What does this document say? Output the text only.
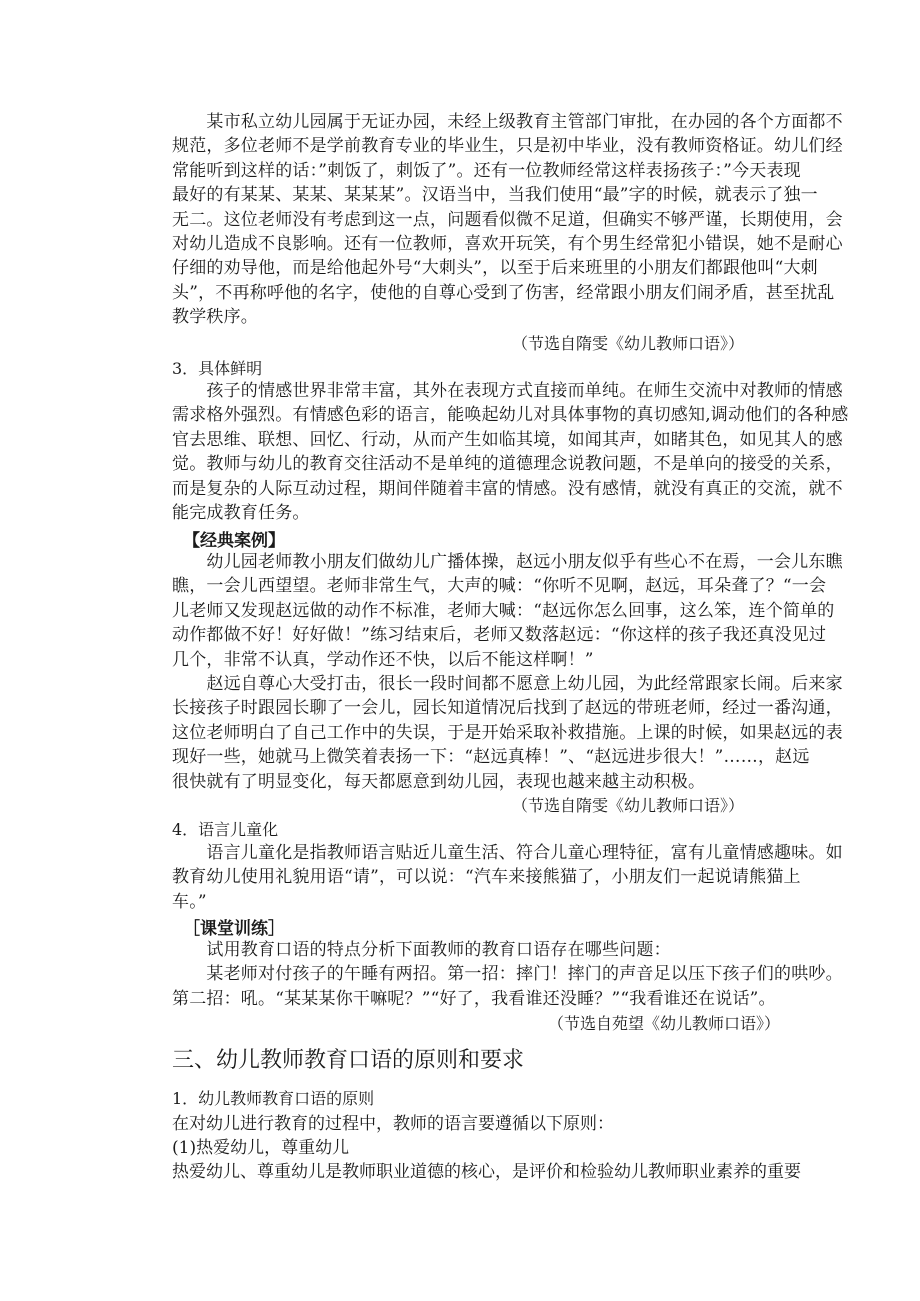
　　某市私立幼儿园属于无证办园，未经上级教育主管部门审批，在办园的各个方面都不
规范，多位老师不是学前教育专业的毕业生，只是初中毕业，没有教师资格证。幼儿们经
常能听到这样的话：”刺饭了，刺饭了”。还有一位教师经常这样表扬孩子：”今天表现
最好的有某某、某某、某某某”。汉语当中，当我们使用“最”字的时候，就表示了独一
无二。这位老师没有考虑到这一点，问题看似微不足道，但确实不够严谨，长期使用，会
对幼儿造成不良影响。还有一位教师，喜欢开玩笑，有个男生经常犯小错误，她不是耐心
仔细的劝导他，而是给他起外号“大刺头”，以至于后来班里的小朋友们都跟他叫“大刺
头”，不再称呼他的名字，使他的自尊心受到了伤害，经常跟小朋友们闹矛盾，甚至扰乱
教学秩序。
（节选自隋雯《幼儿教师口语》）
3．具体鲜明
　　孩子的情感世界非常丰富，其外在表现方式直接而单纯。在师生交流中对教师的情感
需求格外强烈。有情感色彩的语言，能唤起幼儿对具体事物的真切感知,调动他们的各种感
官去思维、联想、回忆、行动，从而产生如临其境，如闻其声，如睹其色，如见其人的感
觉。教师与幼儿的教育交往活动不是单纯的道德理念说教问题，不是单向的接受的关系，
而是复杂的人际互动过程，期间伴随着丰富的情感。没有感情，就没有真正的交流，就不
能完成教育任务。
【经典案例】
　　幼儿园老师教小朋友们做幼儿广播体操，赵远小朋友似乎有些心不在焉，一会儿东瞧
瞧，一会儿西望望。老师非常生气，大声的喊：“你听不见啊，赵远，耳朵聋了？“一会
儿老师又发现赵远做的动作不标准，老师大喊：“赵远你怎么回事，这么笨，连个简单的
动作都做不好！好好做！”练习结束后，老师又数落赵远：“你这样的孩子我还真没见过
几个，非常不认真，学动作还不快，以后不能这样啊！”
　　赵远自尊心大受打击，很长一段时间都不愿意上幼儿园，为此经常跟家长闹。后来家
长接孩子时跟园长聊了一会儿，园长知道情况后找到了赵远的带班老师，经过一番沟通，
这位老师明白了自己工作中的失误，于是开始采取补救措施。上课的时候，如果赵远的表
现好一些，她就马上微笑着表扬一下：“赵远真棒！”、“赵远进步很大！”……，赵远
很快就有了明显变化，每天都愿意到幼儿园，表现也越来越主动积极。
（节选自隋雯《幼儿教师口语》）
4．语言儿童化
　　语言儿童化是指教师语言贴近儿童生活、符合儿童心理特征，富有儿童情感趣味。如
教育幼儿使用礼貌用语“请”，可以说：“汽车来接熊猫了，小朋友们一起说请熊猫上
车。”
［课堂训练］
　　试用教育口语的特点分析下面教师的教育口语存在哪些问题：
　　某老师对付孩子的午睡有两招。第一招：摔门！摔门的声音足以压下孩子们的哄吵。
第二招：吼。“某某某你干嘛呢？”“好了，我看谁还没睡？”“我看谁还在说话”。
（节选自苑望《幼儿教师口语》）
三、幼儿教师教育口语的原则和要求
1．幼儿教师教育口语的原则
在对幼儿进行教育的过程中，教师的语言要遵循以下原则：
(1)热爱幼儿，尊重幼儿
热爱幼儿、尊重幼儿是教师职业道德的核心，是评价和检验幼儿教师职业素养的重要
